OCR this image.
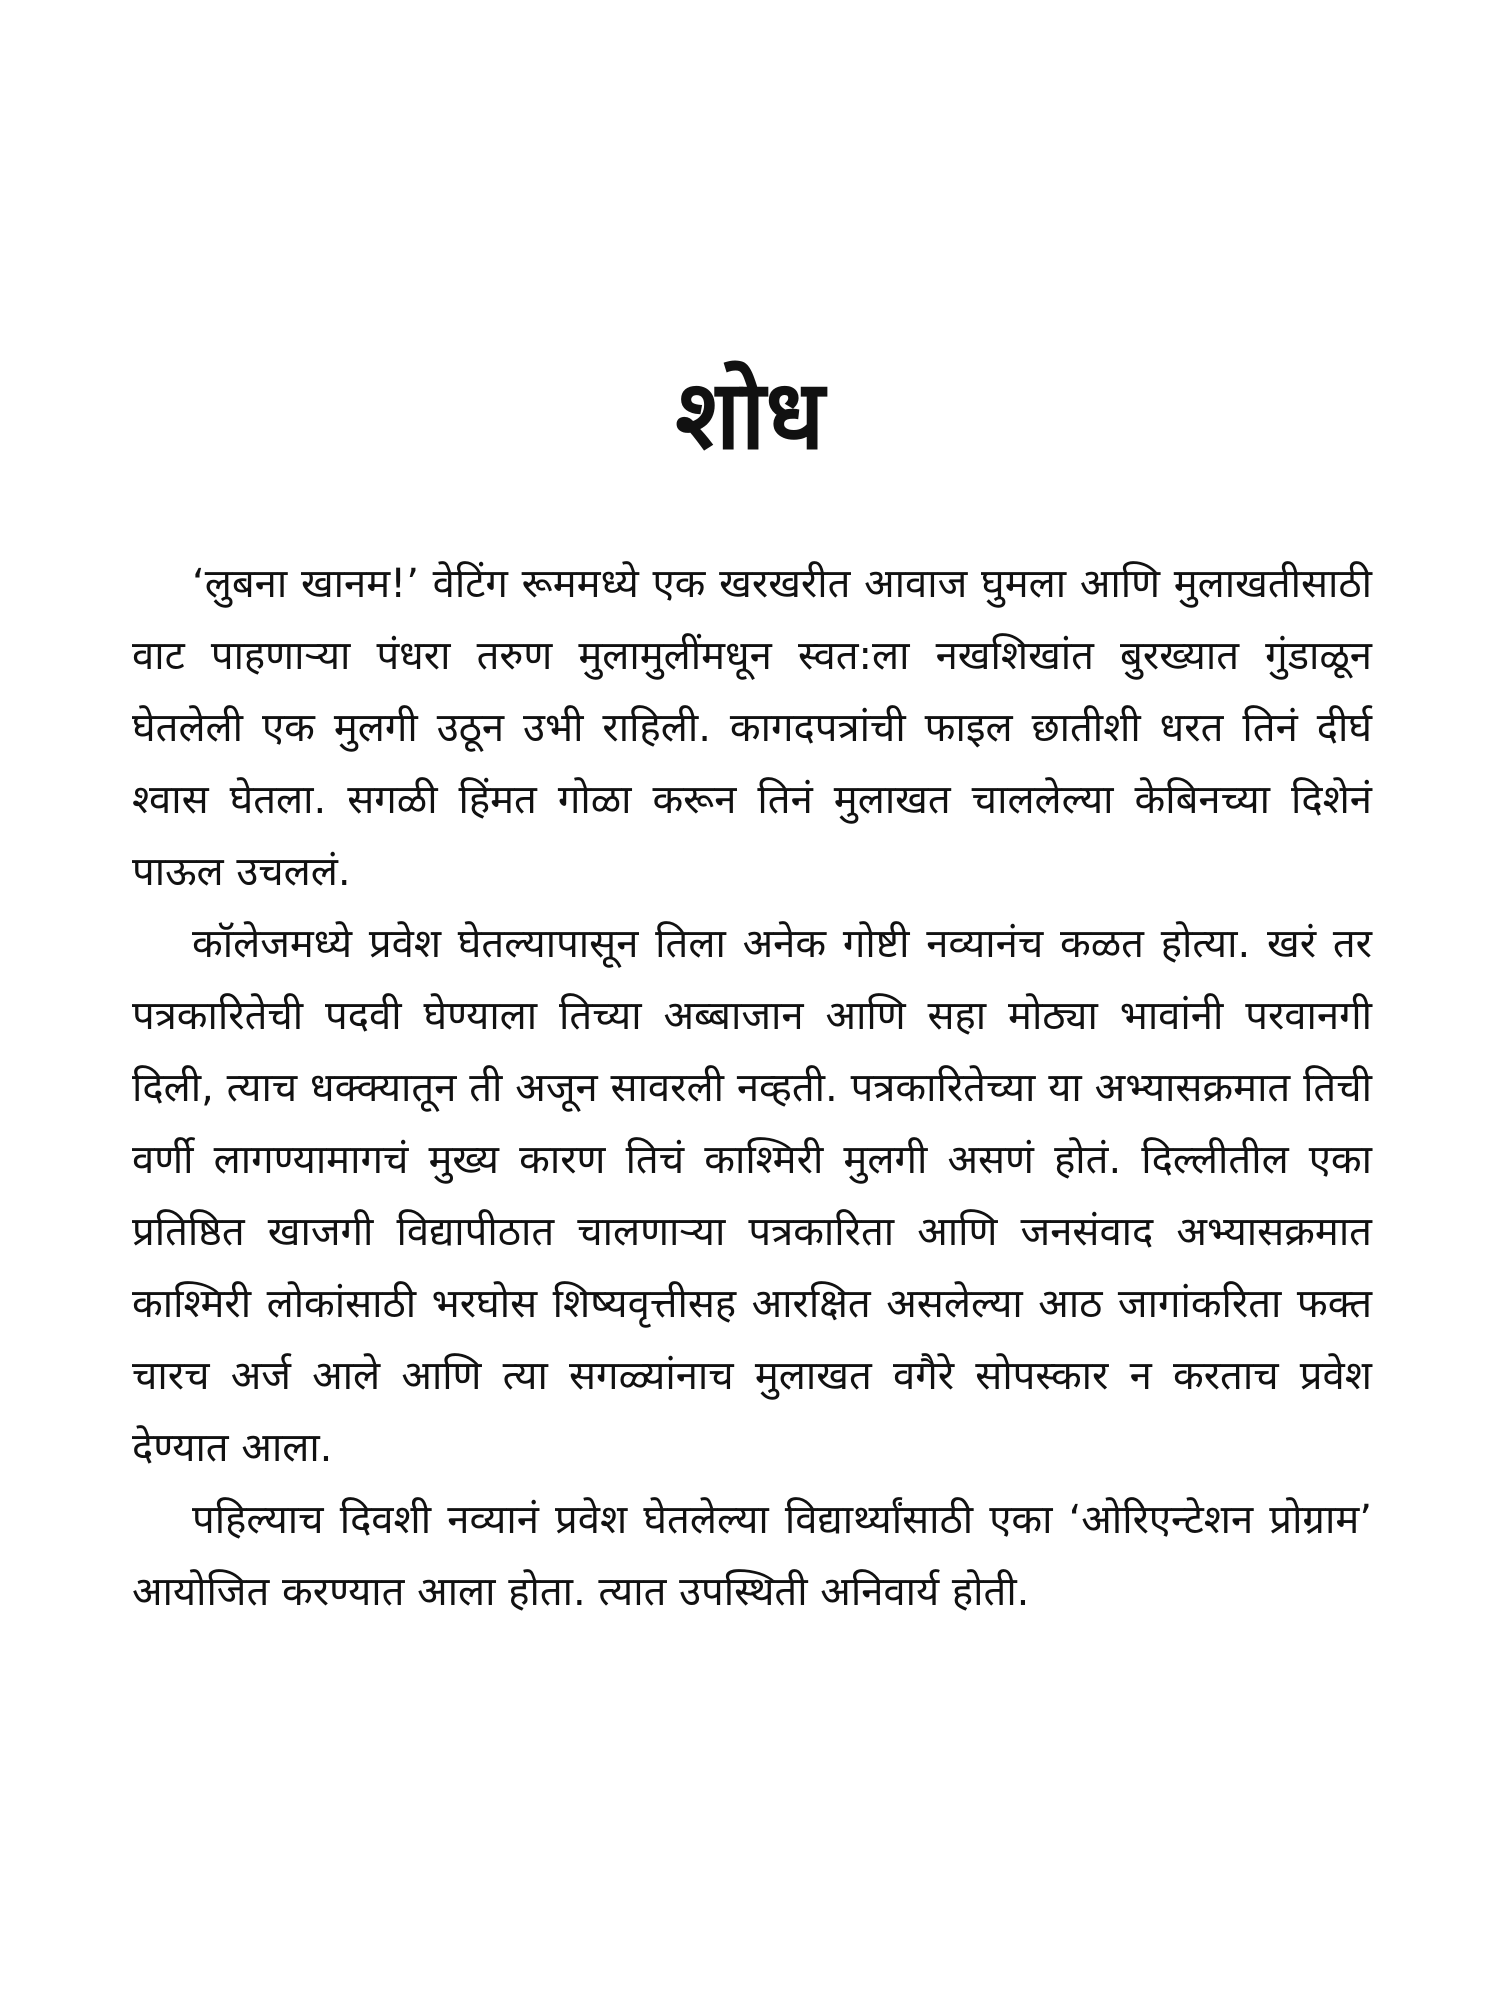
शोध

‘लुबना खानम!’ वेटिंग रूममध्ये एक खरखरीत आवाज घुमला आणि मुलाखतीसाठी वाट पाहणाऱ्या पंधरा तरुण मुलामुलींमधून स्वत:ला नखशिखांत बुरख्यात गुंडाळून घेतलेली एक मुलगी उठून उभी राहिली. कागदपत्रांची फाइल छातीशी धरत तिनं दीर्घ श्वास घेतला. सगळी हिंमत गोळा करून तिनं मुलाखत चाललेल्या केबिनच्या दिशेनं पाऊल उचललं.

कॉलेजमध्ये प्रवेश घेतल्यापासून तिला अनेक गोष्टी नव्यानंच कळत होत्या. खरं तर पत्रकारितेची पदवी घेण्याला तिच्या अब्बाजान आणि सहा मोठ्या भावांनी परवानगी दिली, त्याच धक्क्यातून ती अजून सावरली नव्हती. पत्रकारितेच्या या अभ्यासक्रमात तिची वर्णी लागण्यामागचं मुख्य कारण तिचं काश्मिरी मुलगी असणं होतं. दिल्लीतील एका प्रतिष्ठित खाजगी विद्यापीठात चालणाऱ्या पत्रकारिता आणि जनसंवाद अभ्यासक्रमात काश्मिरी लोकांसाठी भरघोस शिष्यवृत्तीसह आरक्षित असलेल्या आठ जागांकरिता फक्त चारच अर्ज आले आणि त्या सगळ्यांनाच मुलाखत वगैरे सोपस्कार न करताच प्रवेश देण्यात आला.

पहिल्याच दिवशी नव्यानं प्रवेश घेतलेल्या विद्यार्थ्यांसाठी एका ‘ओरिएन्टेशन प्रोग्राम’ आयोजित करण्यात आला होता. त्यात उपस्थिती अनिवार्य होती.
